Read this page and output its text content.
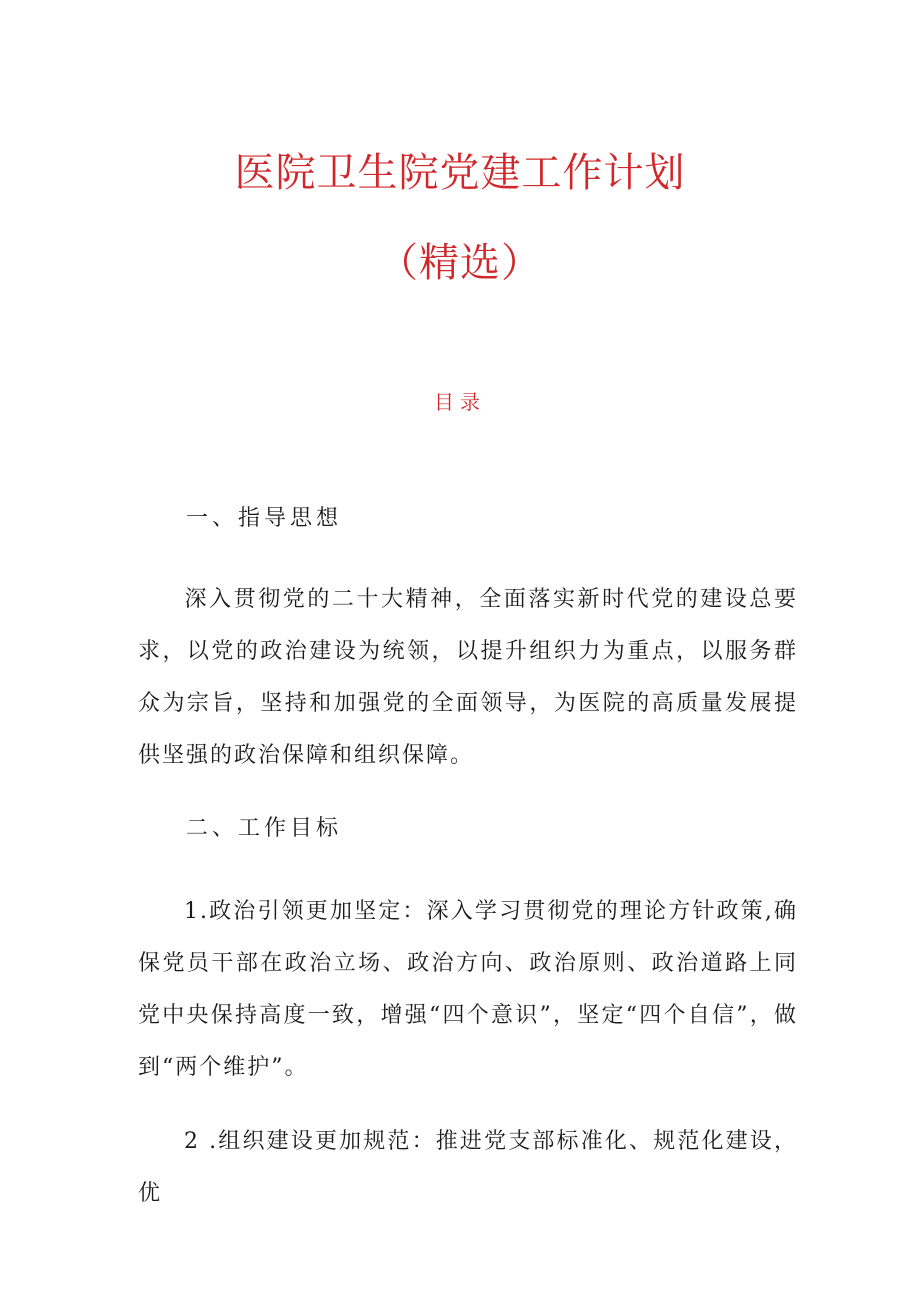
医院卫生院党建工作计划
（精选）
目录
一、指导思想
深入贯彻党的二十大精神，全面落实新时代党的建设总要求，以党的政治建设为统领，以提升组织力为重点，以服务群众为宗旨，坚持和加强党的全面领导，为医院的高质量发展提供坚强的政治保障和组织保障。
二、工作目标
1.政治引领更加坚定：深入学习贯彻党的理论方针政策,确保党员干部在政治立场、政治方向、政治原则、政治道路上同党中央保持高度一致，增强“四个意识”，坚定“四个自信”，做到“两个维护”。
2 .组织建设更加规范：推进党支部标准化、规范化建设，优
